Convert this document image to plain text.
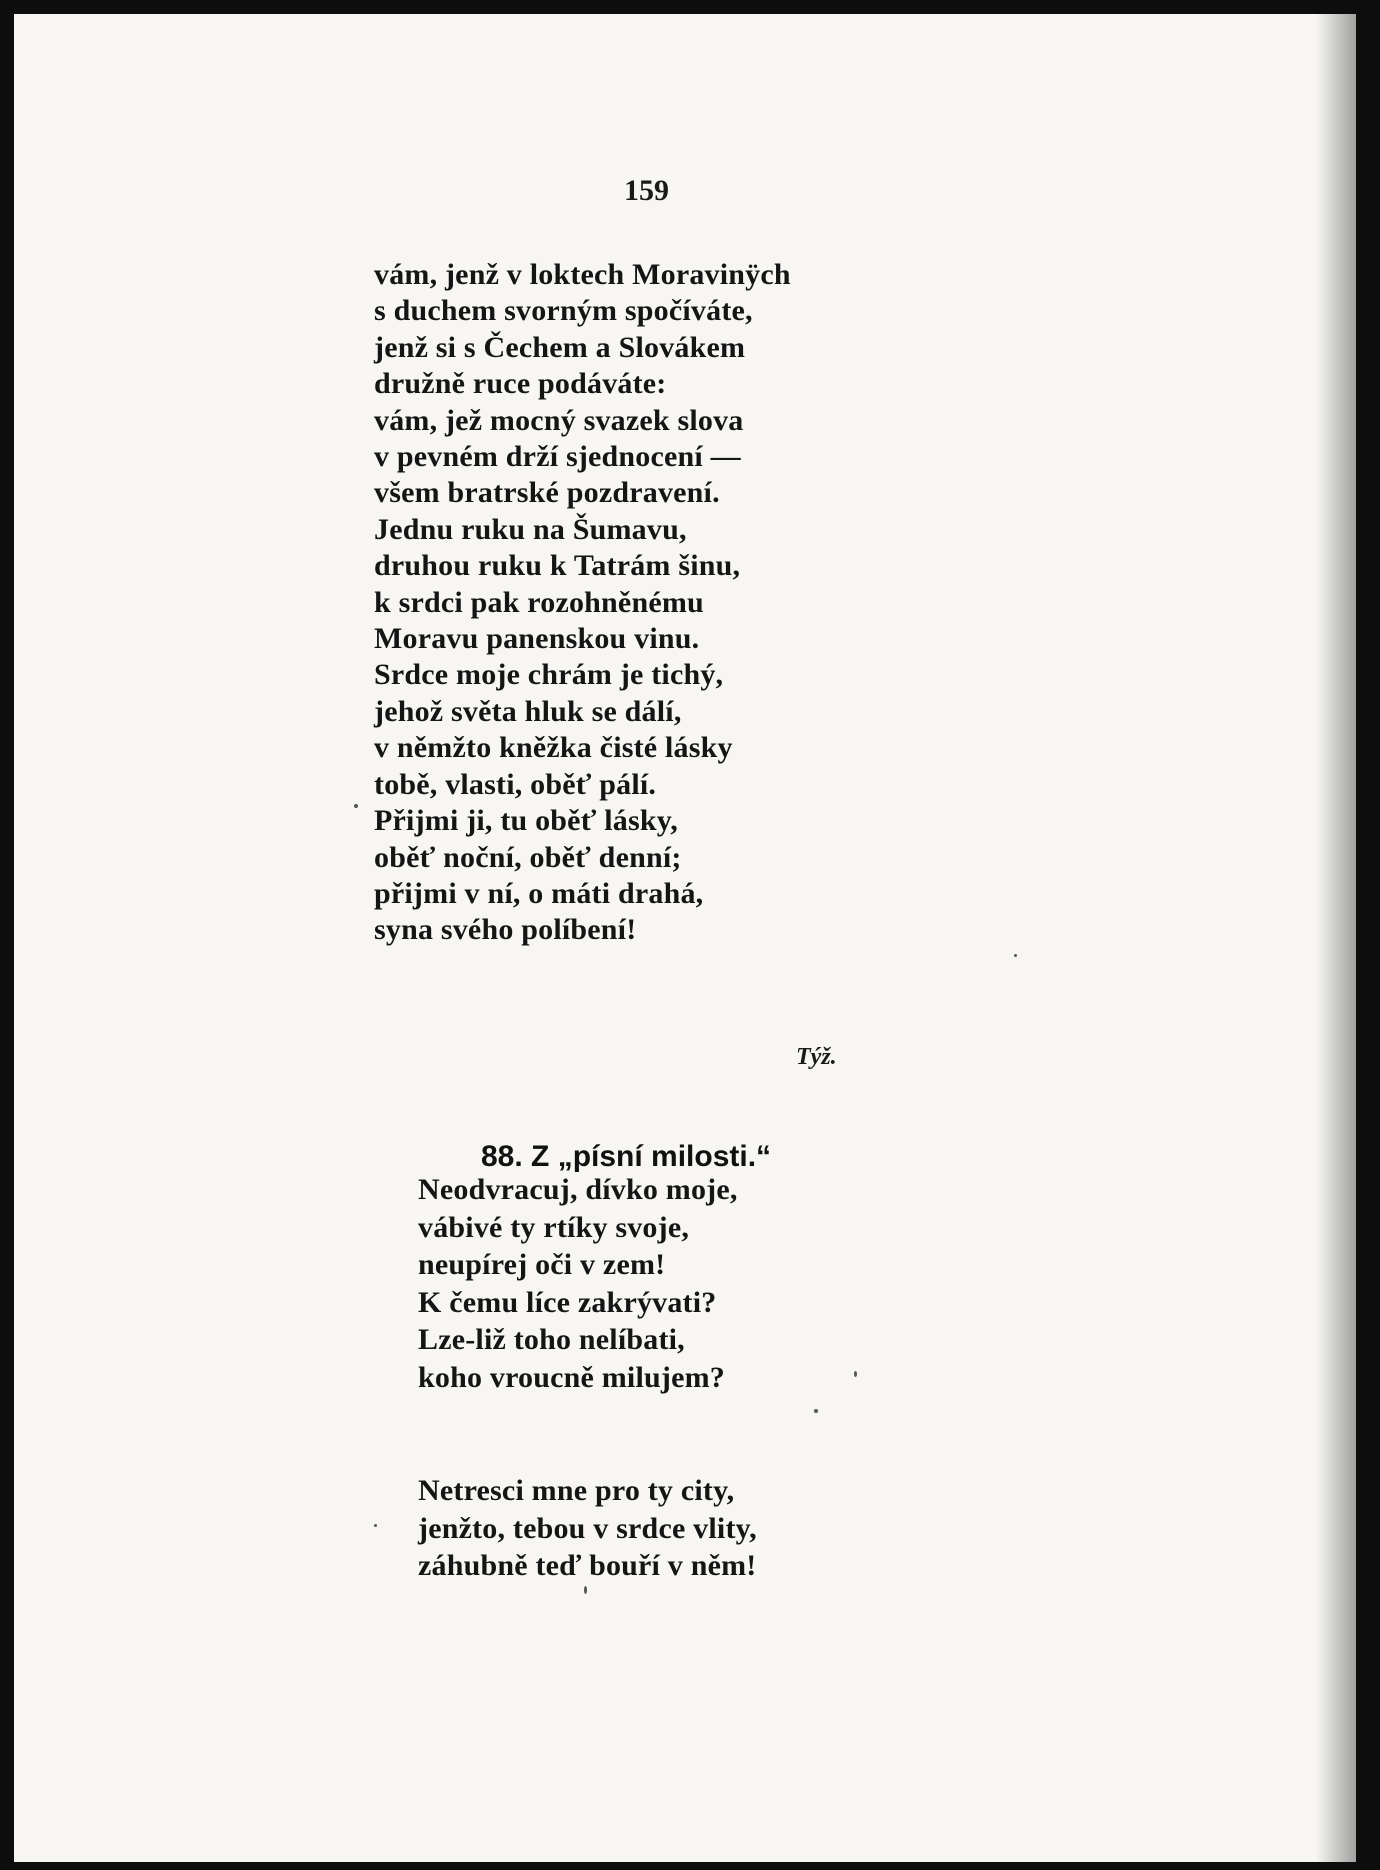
159

vám, jenž v loktech Moravinÿch
s duchem svorným spočíváte,
jenž si s Čechem a Slovákem
družně ruce podáváte:
vám, jež mocný svazek slova
v pevném drží sjednocení —
všem bratrské pozdravení.
Jednu ruku na Šumavu,
druhou ruku k Tatrám šinu,
k srdci pak rozohněnému
Moravu panenskou vinu.
Srdce moje chrám je tichý,
jehož světa hluk se dálí,
v němžto kněžka čisté lásky
tobě, vlasti, oběť pálí.
Přijmi ji, tu oběť lásky,
oběť noční, oběť denní;
přijmi v ní, o máti drahá,
syna svého políbení!

Týž.

88. Z „písní milosti.“

Neodvracuj, dívko moje,
vábivé ty rtíky svoje,
neupírej oči v zem!
K čemu líce zakrývati?
Lze-liž toho nelíbati,
koho vroucně milujem?
Netresci mne pro ty city,
jenžto, tebou v srdce vlity,
záhubně teď bouří v něm!
